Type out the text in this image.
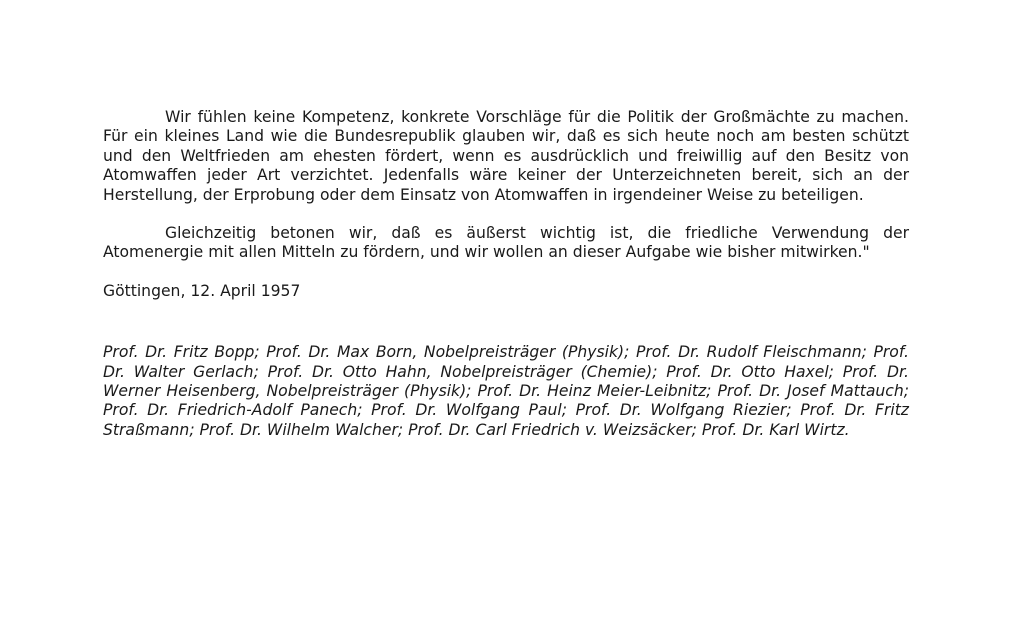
Wir fühlen keine Kompetenz, konkrete Vorschläge für die Politik der Großmächte zu machen. Für ein kleines Land wie die Bundesrepublik glauben wir, daß es sich heute noch am besten schützt und den Weltfrieden am ehesten fördert, wenn es ausdrücklich und freiwillig auf den Besitz von Atomwaffen jeder Art verzichtet. Jedenfalls wäre keiner der Unterzeichneten bereit, sich an der Herstellung, der Erprobung oder dem Einsatz von Atomwaffen in irgendeiner Weise zu beteiligen.

Gleichzeitig betonen wir, daß es äußerst wichtig ist, die friedliche Verwendung der Atomenergie mit allen Mitteln zu fördern, und wir wollen an dieser Aufgabe wie bisher mitwirken."

Göttingen, 12. April 1957

Prof. Dr. Fritz Bopp; Prof. Dr. Max Born, Nobelpreisträger (Physik); Prof. Dr. Rudolf Fleischmann; Prof. Dr. Walter Gerlach; Prof. Dr. Otto Hahn, Nobelpreisträger (Chemie); Prof. Dr. Otto Haxel; Prof. Dr. Werner Heisenberg, Nobelpreisträger (Physik); Prof. Dr. Heinz Meier-Leibnitz; Prof. Dr. Josef Mattauch; Prof. Dr. Friedrich-Adolf Panech; Prof. Dr. Wolfgang Paul; Prof. Dr. Wolfgang Riezier; Prof. Dr. Fritz Straßmann; Prof. Dr. Wilhelm Walcher; Prof. Dr. Carl Friedrich v. Weizsäcker; Prof. Dr. Karl Wirtz.
